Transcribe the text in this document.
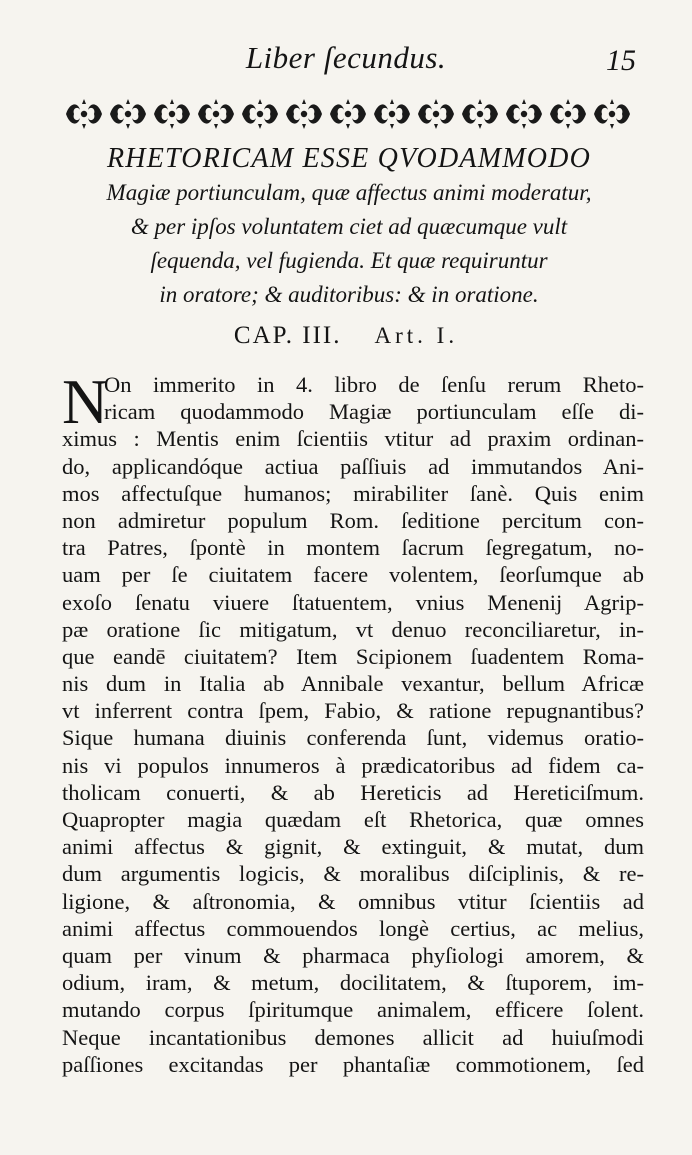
Liber ſecundus.	15
RHETORICAM ESSE QVODAMMODO
Magiæ portiunculam, quæ affectus animi moderatur,
& per ipſos voluntatem ciet ad quæcumque vult
ſequenda, vel fugienda. Et quæ requiruntur
in oratore; & auditoribus: & in oratione.
CAP. III. Art. I.
N
On immerito in 4. libro de ſenſu rerum Rheto-
ricam quodammodo Magiæ portiunculam eſſe di-
ximus : Mentis enim ſcientiis vtitur ad praxim ordinan-
do, applicandóque actiua paſſiuis ad immutandos Ani-
mos affectuſque humanos; mirabiliter ſanè. Quis enim
non admiretur populum Rom. ſeditione percitum con-
tra Patres, ſpontè in montem ſacrum ſegregatum, no-
uam per ſe ciuitatem facere volentem, ſeorſumque ab
exoſo ſenatu viuere ſtatuentem, vnius Menenij Agrip-
pæ oratione ſic mitigatum, vt denuo reconciliaretur, in-
que eandē ciuitatem? Item Scipionem ſuadentem Roma-
nis dum in Italia ab Annibale vexantur, bellum Africæ
vt inferrent contra ſpem, Fabio, & ratione repugnantibus?
Sique humana diuinis conferenda ſunt, videmus oratio-
nis vi populos innumeros à prædicatoribus ad fidem ca-
tholicam conuerti, & ab Hereticis ad Hereticiſmum.
Quapropter magia quædam eſt Rhetorica, quæ omnes
animi affectus & gignit, & extinguit, & mutat, dum
dum argumentis logicis, & moralibus diſciplinis, & re-
ligione, & aſtronomia, & omnibus vtitur ſcientiis ad
animi affectus commouendos longè certius, ac melius,
quam per vinum & pharmaca phyſiologi amorem, &
odium, iram, & metum, docilitatem, & ſtuporem, im-
mutando corpus ſpiritumque animalem, efficere ſolent.
Neque incantationibus demones allicit ad huiuſmodi
paſſiones excitandas per phantaſiæ commotionem, ſed
